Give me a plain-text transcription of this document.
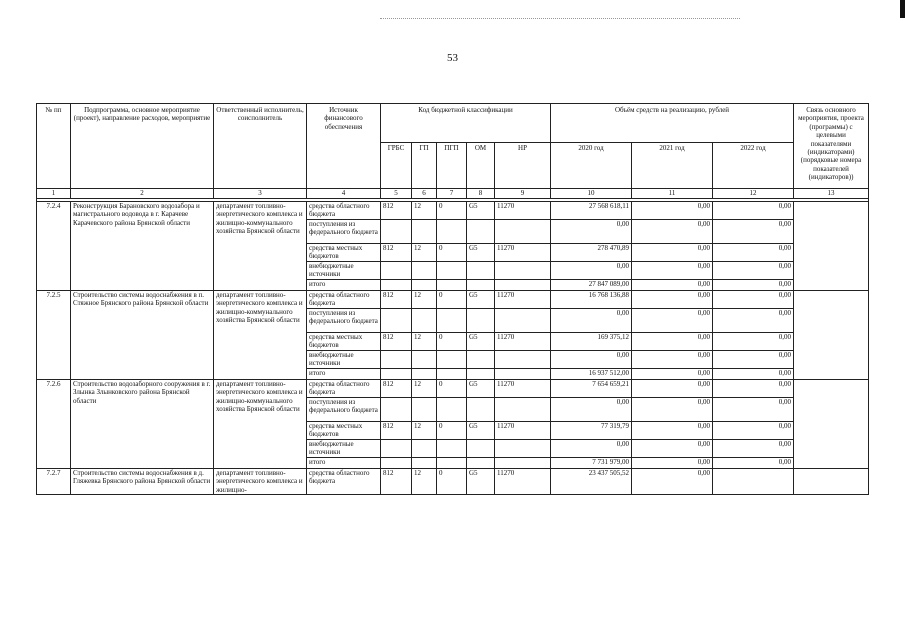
53
№ пп	Подпрограмма, основное мероприятие (проект), направление расходов, мероприятие	Ответственный исполнитель, соисполнитель	Источник финансового обеспечения	Код бюджетной классификации					Объём средств на реализацию, рублей			Связь основного мероприятия, проекта (программы) с целевыми показателями (индикаторами) (порядковые номера показателей (индикаторов))
				ГРБС	ГП	ПГП	ОМ	НР	2020 год	2021 год	2022 год	
1	2	3	4	5	6	7	8	9	10	11	12	13

7.2.4	Реконструкция Барановского водозабора и магистрального водовода в г. Карачеве Карачевского района Брянской области	департамент топливно-энергетического комплекса и жилищно-коммунального хозяйства Брянской области	средства областного бюджета	812	12	0	G5	11270	27 568 618,11	0,00	0,00	
			поступления из федерального бюджета						0,00	0,00	0,00	
			средства местных бюджетов	812	12	0	G5	11270	278 470,89	0,00	0,00	
			внебюджетные источники						0,00	0,00	0,00	
			итого						27 847 089,00	0,00	0,00	
7.2.5	Строительство системы водоснабжения в п. Стяжное Брянского района Брянской области	департамент топливно-энергетического комплекса и жилищно-коммунального хозяйства Брянской области	средства областного бюджета	812	12	0	G5	11270	16 768 136,88	0,00	0,00	
			поступления из федерального бюджета						0,00	0,00	0,00	
			средства местных бюджетов	812	12	0	G5	11270	169 375,12	0,00	0,00	
			внебюджетные источники						0,00	0,00	0,00	
			итого						16 937 512,00	0,00	0,00	
7.2.6	Строительство водозаборного сооружения в г. Злынка Злынковского района Брянской области	департамент топливно-энергетического комплекса и жилищно-коммунального хозяйства Брянской области	средства областного бюджета	812	12	0	G5	11270	7 654 659,21	0,00	0,00	
			поступления из федерального бюджета						0,00	0,00	0,00	
			средства местных бюджетов	812	12	0	G5	11270	77 319,79	0,00	0,00	
			внебюджетные источники						0,00	0,00	0,00	
			итого						7 731 979,00	0,00	0,00	
7.2.7	Строительство системы водоснабжения в д. Гляжевка Брянского района Брянской области	департамент топливно-энергетического комплекса и жилищно-	средства областного бюджета	812	12	0	G5	11270	23 437 505,52	0,00		
